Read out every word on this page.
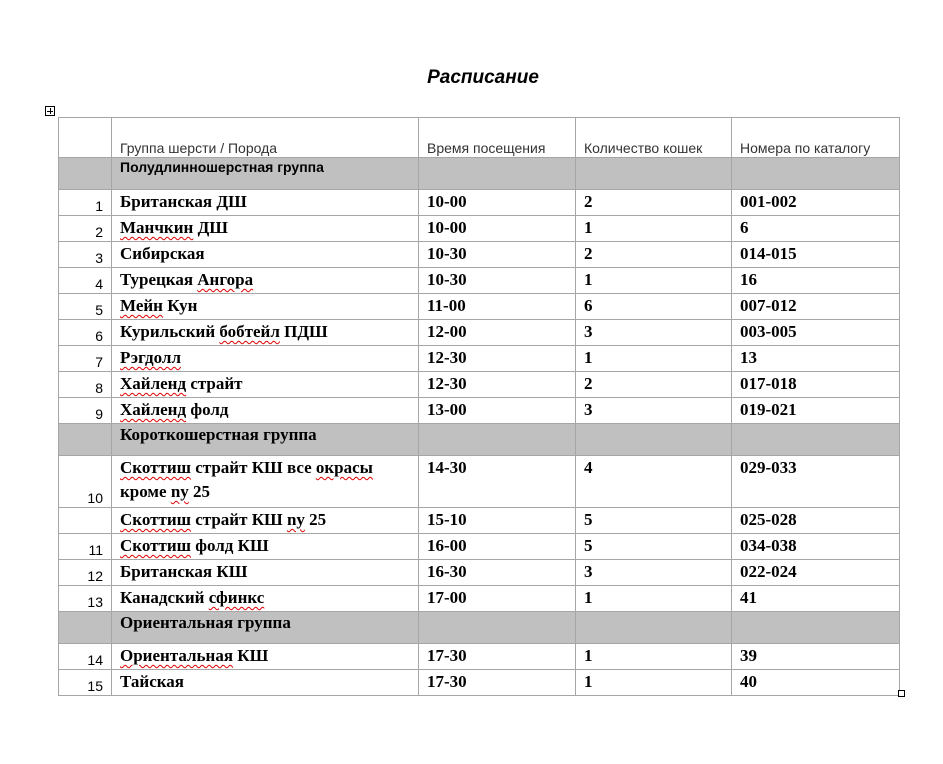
Расписание
	Группа шерсти / Порода	Время посещения	Количество кошек	Номера по каталогу
	Полудлинношерстная группа			
1	Британская ДШ	10-00	2	001-002
2	Манчкин ДШ	10-00	1	6
3	Сибирская	10-30	2	014-015
4	Турецкая Ангора	10-30	1	16
5	Мейн Кун	11-00	6	007-012
6	Курильский бобтейл ПДШ	12-00	3	003-005
7	Рэгдолл	12-30	1	13
8	Хайленд страйт	12-30	2	017-018
9	Хайленд фолд	13-00	3	019-021
	Короткошерстная группа			
10	Скоттиш страйт КШ все окрасы кроме ny 25	14-30	4	029-033
	Скоттиш страйт КШ ny 25	15-10	5	025-028
11	Скоттиш фолд КШ	16-00	5	034-038
12	Британская КШ	16-30	3	022-024
13	Канадский сфинкс	17-00	1	41
	Ориентальная группа			
14	Ориентальная КШ	17-30	1	39
15	Тайская	17-30	1	40
